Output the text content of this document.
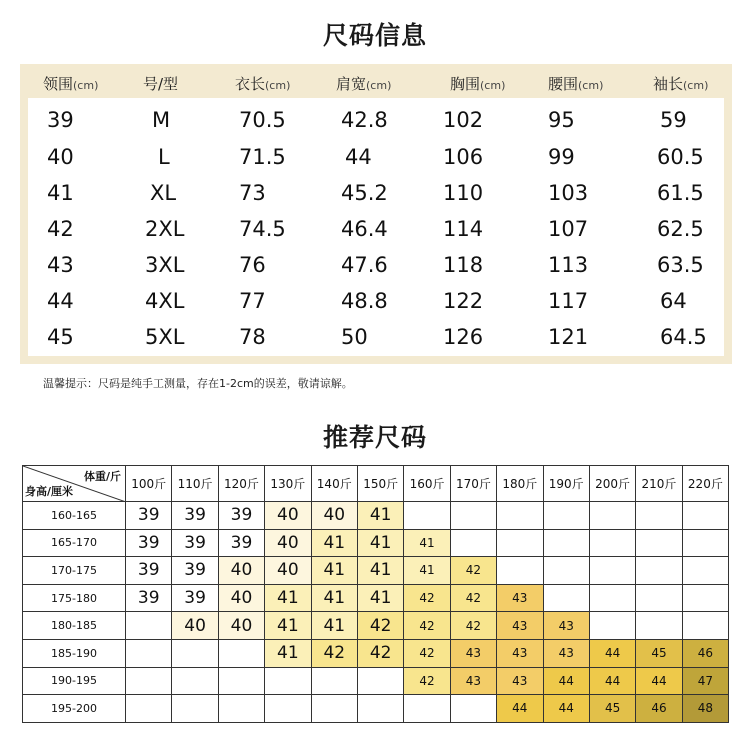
尺码信息
领围(cm)	号/型	衣长(cm)	肩宽(cm)	胸围(cm)	腰围(cm)	袖长(cm)
39	M	70.5	42.8	102	95	59
40	L	71.5	44	106	99	60.5
41	XL	73	45.2	110	103	61.5
42	2XL	74.5	46.4	114	107	62.5
43	3XL	76	47.6	118	113	63.5
44	4XL	77	48.8	122	117	64
45	5XL	78	50	126	121	64.5
温馨提示：尺码是纯手工测量，存在1-2cm的误差，敬请谅解。
推荐尺码
体重/斤
身高/厘米	100斤	110斤	120斤	130斤	140斤	150斤	160斤	170斤	180斤	190斤	200斤	210斤	220斤
160-165	39	39	39	40	40	41							
165-170	39	39	39	40	41	41	41						
170-175	39	39	40	40	41	41	41	42					
175-180	39	39	40	41	41	41	42	42	43				
180-185		40	40	41	41	42	42	42	43	43			
185-190				41	42	42	42	43	43	43	44	45	46
190-195							42	43	43	44	44	44	47
195-200									44	44	45	46	48
